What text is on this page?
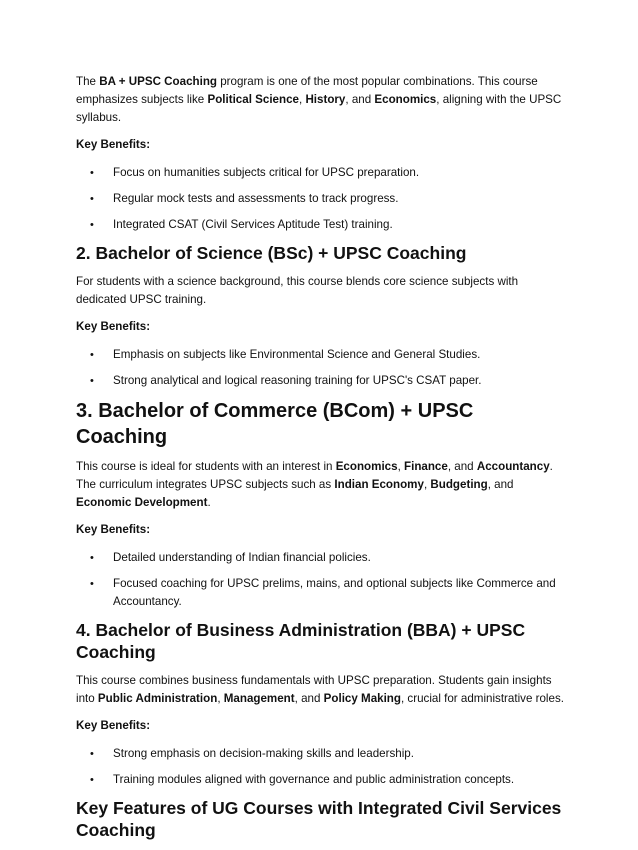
The BA + UPSC Coaching program is one of the most popular combinations. This course emphasizes subjects like Political Science, History, and Economics, aligning with the UPSC syllabus.

Key Benefits:

• Focus on humanities subjects critical for UPSC preparation.
• Regular mock tests and assessments to track progress.
• Integrated CSAT (Civil Services Aptitude Test) training.
2. Bachelor of Science (BSc) + UPSC Coaching

For students with a science background, this course blends core science subjects with dedicated UPSC training.

Key Benefits:

• Emphasis on subjects like Environmental Science and General Studies.
• Strong analytical and logical reasoning training for UPSC's CSAT paper.
3. Bachelor of Commerce (BCom) + UPSC Coaching

This course is ideal for students with an interest in Economics, Finance, and Accountancy. The curriculum integrates UPSC subjects such as Indian Economy, Budgeting, and Economic Development.

Key Benefits:

• Detailed understanding of Indian financial policies.
• Focused coaching for UPSC prelims, mains, and optional subjects like Commerce and Accountancy.
4. Bachelor of Business Administration (BBA) + UPSC Coaching

This course combines business fundamentals with UPSC preparation. Students gain insights into Public Administration, Management, and Policy Making, crucial for administrative roles.

Key Benefits:

• Strong emphasis on decision-making skills and leadership.
• Training modules aligned with governance and public administration concepts.
Key Features of UG Courses with Integrated Civil Services Coaching
